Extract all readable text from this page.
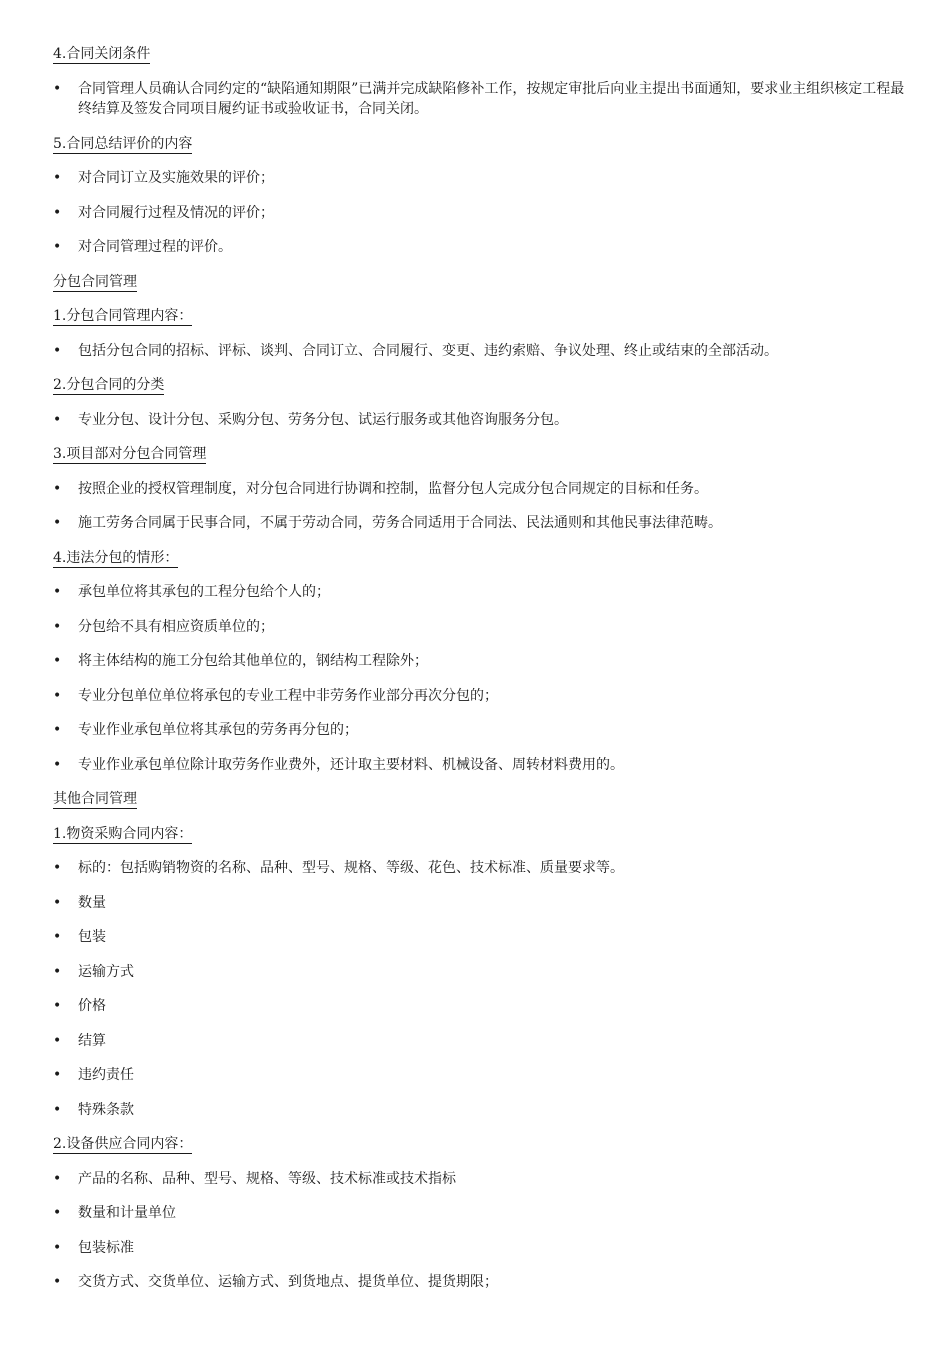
4.合同关闭条件
•	合同管理人员确认合同约定的“缺陷通知期限”已满并完成缺陷修补工作，按规定审批后向业主提出书面通知，要求业主组织核定工程最终结算及签发合同项目履约证书或验收证书，合同关闭。
5.合同总结评价的内容
•	对合同订立及实施效果的评价；
•	对合同履行过程及情况的评价；
•	对合同管理过程的评价。
分包合同管理
1.分包合同管理内容：
•	包括分包合同的招标、评标、谈判、合同订立、合同履行、变更、违约索赔、争议处理、终止或结束的全部活动。
2.分包合同的分类
•	专业分包、设计分包、采购分包、劳务分包、试运行服务或其他咨询服务分包。
3.项目部对分包合同管理
•	按照企业的授权管理制度，对分包合同进行协调和控制，监督分包人完成分包合同规定的目标和任务。
•	施工劳务合同属于民事合同，不属于劳动合同，劳务合同适用于合同法、民法通则和其他民事法律范畴。
4.违法分包的情形：
•	承包单位将其承包的工程分包给个人的；
•	分包给不具有相应资质单位的；
•	将主体结构的施工分包给其他单位的，钢结构工程除外；
•	专业分包单位单位将承包的专业工程中非劳务作业部分再次分包的；
•	专业作业承包单位将其承包的劳务再分包的；
•	专业作业承包单位除计取劳务作业费外，还计取主要材料、机械设备、周转材料费用的。
其他合同管理
1.物资采购合同内容：
•	标的：包括购销物资的名称、品种、型号、规格、等级、花色、技术标准、质量要求等。
•	数量
•	包装
•	运输方式
•	价格
•	结算
•	违约责任
•	特殊条款
2.设备供应合同内容：
•	产品的名称、品种、型号、规格、等级、技术标准或技术指标
•	数量和计量单位
•	包装标准
•	交货方式、交货单位、运输方式、到货地点、提货单位、提货期限；
